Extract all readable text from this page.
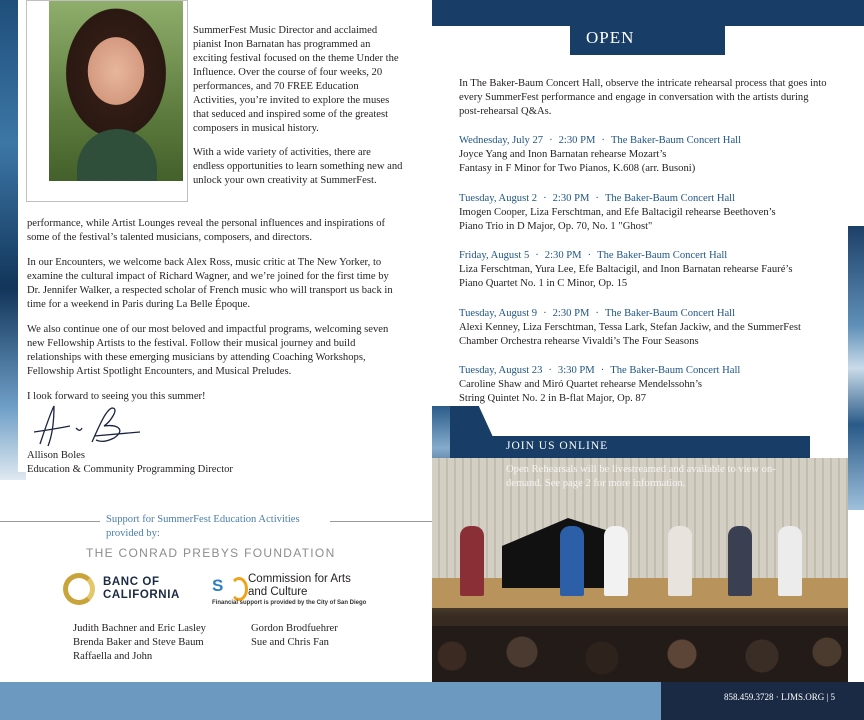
SummerFest Music Director and acclaimed pianist Inon Barnatan has programmed an exciting festival focused on the theme Under the Influence. Over the course of four weeks, 20 performances, and 70 FREE Education Activities, you’re invited to explore the muses that seduced and inspired some of the greatest composers in musical history.

With a wide variety of activities, there are endless opportunities to learn something new and unlock your own creativity at SummerFest.

performance, while Artist Lounges reveal the personal influences and inspirations of some of the festival’s talented musicians, composers, and directors.
In our Encounters, we welcome back Alex Ross, music critic at The New Yorker, to examine the cultural impact of Richard Wagner, and we’re joined for the first time by Dr. Jennifer Walker, a respected scholar of French music who will transport us back in time for a weekend in Paris during La Belle Époque.
We also continue one of our most beloved and impactful programs, welcoming seven new Fellowship Artists to the festival. Follow their musical journey and build relationships with these emerging musicians by attending Coaching Workshops, Fellowship Artist Spotlight Encounters, and Musical Preludes.
I look forward to seeing you this summer!
Allison Boles
Education & Community Programming Director
Support for SummerFest Education Activities provided by:
THE CONRAD PREBYS FOUNDATION
BANC OF CALIFORNIA	S	Commission for Arts and Culture
Financial support is provided by the City of San Diego
Judith Bachner and Eric Lasley Brenda Baker and Steve Baum Raffaella and John
Gordon Brodfuehrer Sue and Chris Fan
OPEN
In The Baker-Baum Concert Hall, observe the intricate rehearsal process that goes into every SummerFest performance and engage in conversation with the artists during post-rehearsal Q&As.
Wednesday, July 27 · 2:30 PM · The Baker-Baum Concert Hall
Joyce Yang and Inon Barnatan rehearse Mozart’s
Fantasy in F Minor for Two Pianos, K.608 (arr. Busoni)
Tuesday, August 2 · 2:30 PM · The Baker-Baum Concert Hall
Imogen Cooper, Liza Ferschtman, and Efe Baltacigil rehearse Beethoven’s
Piano Trio in D Major, Op. 70, No. 1 "Ghost"
Friday, August 5 · 2:30 PM · The Baker-Baum Concert Hall
Liza Ferschtman, Yura Lee, Efe Baltacigil, and Inon Barnatan rehearse Fauré’s
Piano Quartet No. 1 in C Minor, Op. 15
Tuesday, August 9 · 2:30 PM · The Baker-Baum Concert Hall
Alexi Kenney, Liza Ferschtman, Tessa Lark, Stefan Jackiw, and the SummerFest
Chamber Orchestra rehearse Vivaldi’s The Four Seasons
Tuesday, August 23 · 3:30 PM · The Baker-Baum Concert Hall
Caroline Shaw and Miró Quartet rehearse Mendelssohn’s
String Quintet No. 2 in B-flat Major, Op. 87
JOIN US ONLINE
Open Rehearsals will be livestreamed and available to view on-demand. See page 2 for more information.
858.459.3728 · LJMS.ORG | 5
